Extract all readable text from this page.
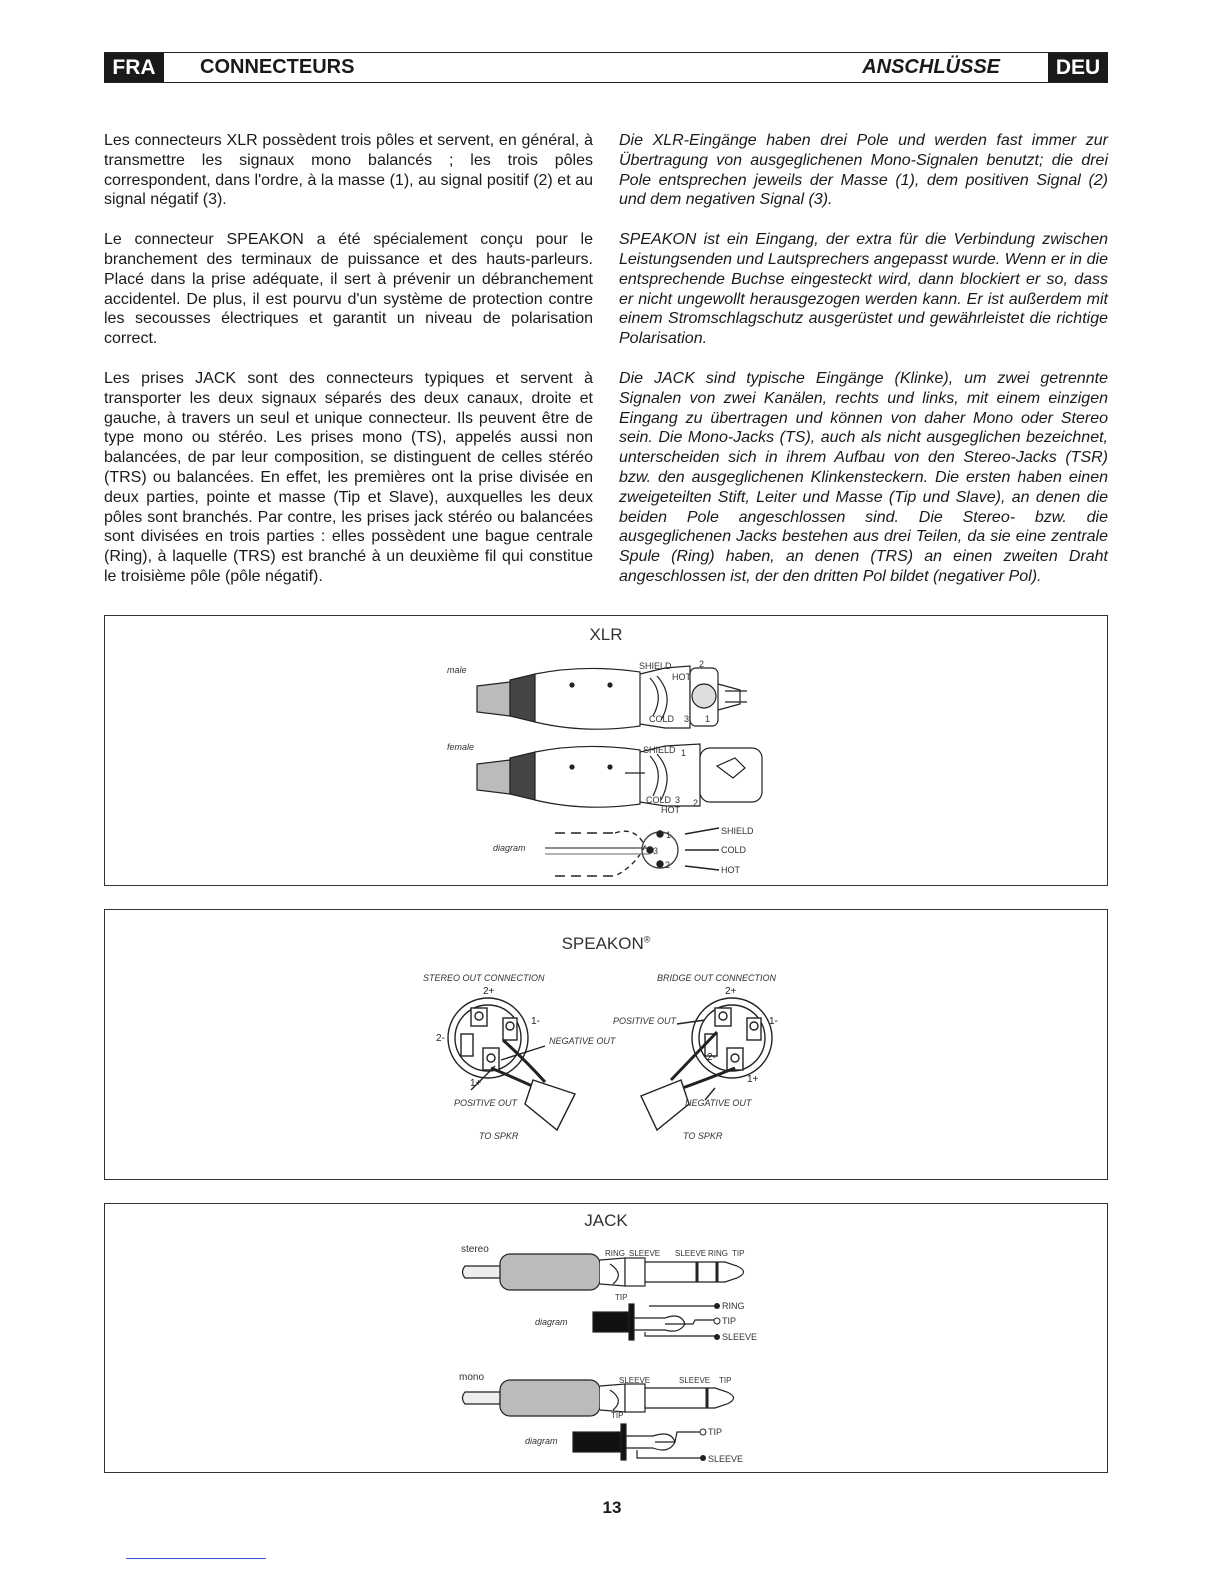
FRA	CONNECTEURS	ANSCHLÜSSE	DEU

Les connecteurs XLR possèdent trois pôles et servent, en général, à transmettre les signaux mono balancés ; les trois pôles correspondent, dans l'ordre, à la masse (1), au signal positif (2) et au signal négatif (3).

Le connecteur SPEAKON a été spécialement conçu pour le branchement des terminaux de puissance et des hauts-parleurs. Placé dans la prise adéquate, il sert à prévenir un débranchement accidentel. De plus, il est pourvu d'un système de protection contre les secousses électriques et garantit un niveau de polarisation correct.

Les prises JACK sont des connecteurs typiques et servent à transporter les deux signaux séparés des deux canaux, droite et gauche, à travers un seul et unique connecteur. Ils peuvent être de type mono ou stéréo. Les prises mono (TS), appelés aussi non balancées, de par leur composition, se distinguent de celles stéréo (TRS) ou balancées. En effet, les premières ont la prise divisée en deux parties, pointe et masse (Tip et Slave), auxquelles les deux pôles sont branchés. Par contre, les prises jack stéréo ou balancées sont divisées en trois parties : elles possèdent une bague centrale (Ring), à laquelle (TRS) est branché à un deuxième fil qui constitue le troisième pôle (pôle négatif).

Die XLR-Eingänge haben drei Pole und werden fast immer zur Übertragung von ausgeglichenen Mono-Signalen benutzt; die drei Pole entsprechen jeweils der Masse (1), dem positiven Signal (2) und dem negativen Signal (3).

SPEAKON ist ein Eingang, der extra für die Verbindung zwischen Leistungsenden und Lautsprechers angepasst wurde. Wenn er in die entsprechende Buchse eingesteckt wird, dann blockiert er so, dass er nicht ungewollt herausgezogen werden kann. Er ist außerdem mit einem Stromschlagschutz ausgerüstet und gewährleistet die richtige Polarisation.

Die JACK sind typische Eingänge (Klinke), um zwei getrennte Signalen von zwei Kanälen, rechts und links, mit einem einzigen Eingang zu übertragen und können von daher Mono oder Stereo sein. Die Mono-Jacks (TS), auch als nicht ausgeglichen bezeichnet, unterscheiden sich in ihrem Aufbau von den Stereo-Jacks (TSR) bzw. den ausgeglichenen Klinkensteckern. Die ersten haben einen zweigeteilten Stift, Leiter und Masse (Tip und Slave), an denen die beiden Pole angeschlossen sind. Die Stereo- bzw. die ausgeglichenen Jacks bestehen aus drei Teilen, da sie eine zentrale Spule (Ring) haben, an denen (TRS) an einen zweiten Draht angeschlossen ist, der den dritten Pol bildet (negativer Pol).

XLR
male	SHIELD
HOT
2
COLD 3 1
female	SHIELD 1
COLD 3 2
HOT
diagram
1
3
2
SHIELD
COLD
HOT
SPEAKON®
STEREO OUT CONNECTION	BRIDGE OUT CONNECTION
2+
2-
1-
1+
NEGATIVE OUT
POSITIVE OUT
TO SPKR
2+
2-
1-
1+
POSITIVE OUT
NEGATIVE OUT
TO SPKR
JACK
stereo	RING SLEEVE SLEEVE RING TIP
TIP
diagram
RING
TIP
SLEEVE
mono	SLEEVE	SLEEVE TIP
TIP
diagram
TIP
SLEEVE
13
